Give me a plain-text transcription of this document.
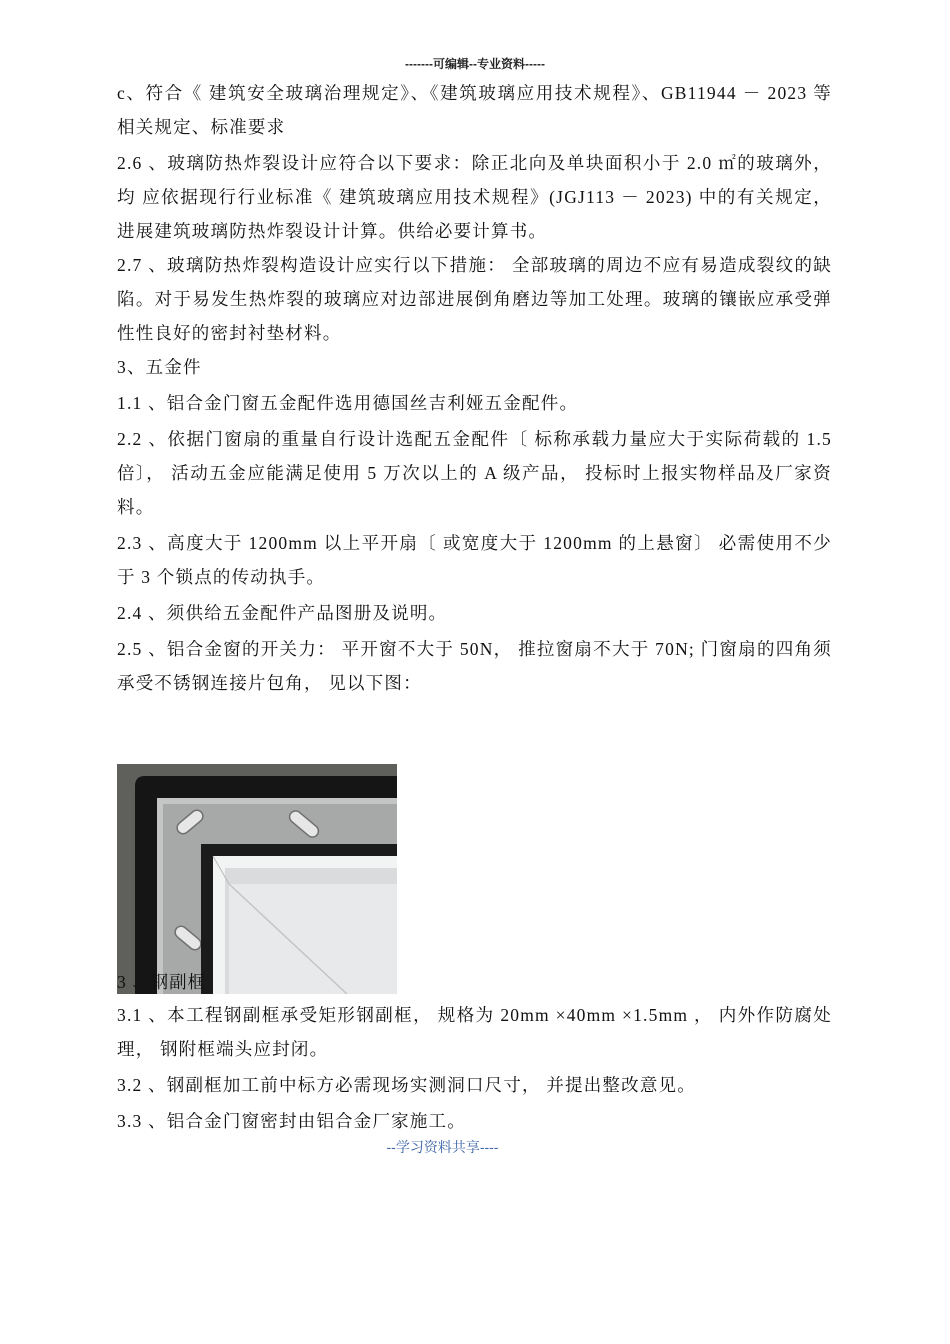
-------可编辑--专业资料-----

c、符合《 建筑安全玻璃治理规定》、《建筑玻璃应用技术规程》、GB11944 － 2023 等相关规定、标准要求

2.6 、玻璃防热炸裂设计应符合以下要求：除正北向及单块面积小于 2.0 ㎡的玻璃外，均 应依据现行行业标准《 建筑玻璃应用技术规程》(JGJ113 － 2023) 中的有关规定， 进展建筑玻璃防热炸裂设计计算。供给必要计算书。

2.7 、玻璃防热炸裂构造设计应实行以下措施： 全部玻璃的周边不应有易造成裂纹的缺陷。对于易发生热炸裂的玻璃应对边部进展倒角磨边等加工处理。玻璃的镶嵌应承受弹性性良好的密封衬垫材料。

3、五金件

1.1 、铝合金门窗五金配件选用德国丝吉利娅五金配件。

2.2 、依据门窗扇的重量自行设计选配五金配件〔 标称承载力量应大于实际荷载的 1.5 倍〕， 活动五金应能满足使用 5 万次以上的 A 级产品， 投标时上报实物样品及厂家资料。

2.3 、高度大于 1200mm 以上平开扇〔 或宽度大于 1200mm 的上悬窗〕 必需使用不少于 3 个锁点的传动执手。

2.4 、须供给五金配件产品图册及说明。

2.5 、铝合金窗的开关力： 平开窗不大于 50N， 推拉窗扇不大于 70N; 门窗扇的四角须承受不锈钢连接片包角， 见以下图：

3 、钢副框

3.1 、本工程钢副框承受矩形钢副框， 规格为 20mm ×40mm ×1.5mm ， 内外作防腐处理， 钢附框端头应封闭。

3.2 、钢副框加工前中标方必需现场实测洞口尺寸， 并提出整改意见。

3.3 、铝合金门窗密封由铝合金厂家施工。

--学习资料共享----
